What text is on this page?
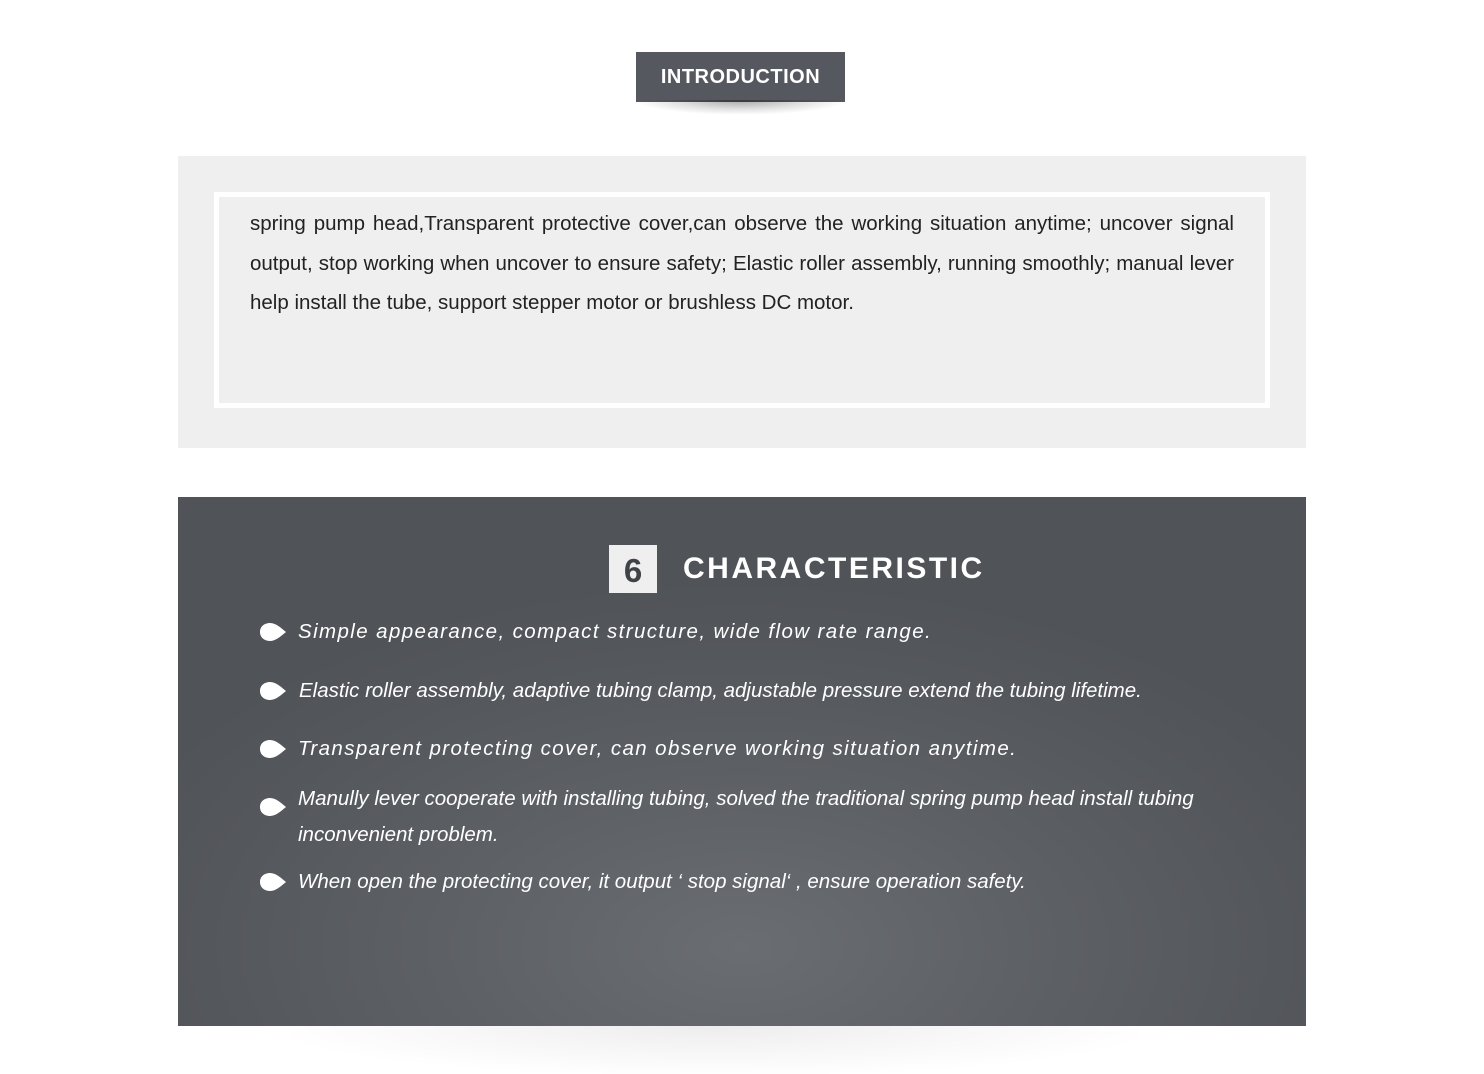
INTRODUCTION

spring pump head,Transparent protective cover,can observe the working situation anytime; uncover signal output, stop working when uncover to ensure safety; Elastic roller assembly, running smoothly; manual lever help install the tube, support stepper motor or brushless DC motor.

6	CHARACTERISTIC

Simple appearance, compact structure, wide flow rate range.

Elastic roller assembly, adaptive tubing clamp, adjustable pressure extend the tubing lifetime.

Transparent protecting cover, can observe working situation anytime.

Manully lever cooperate with installing tubing, solved the traditional spring pump head install tubing inconvenient problem.

When open the protecting cover, it output ‘ stop signal‘ , ensure operation safety.
